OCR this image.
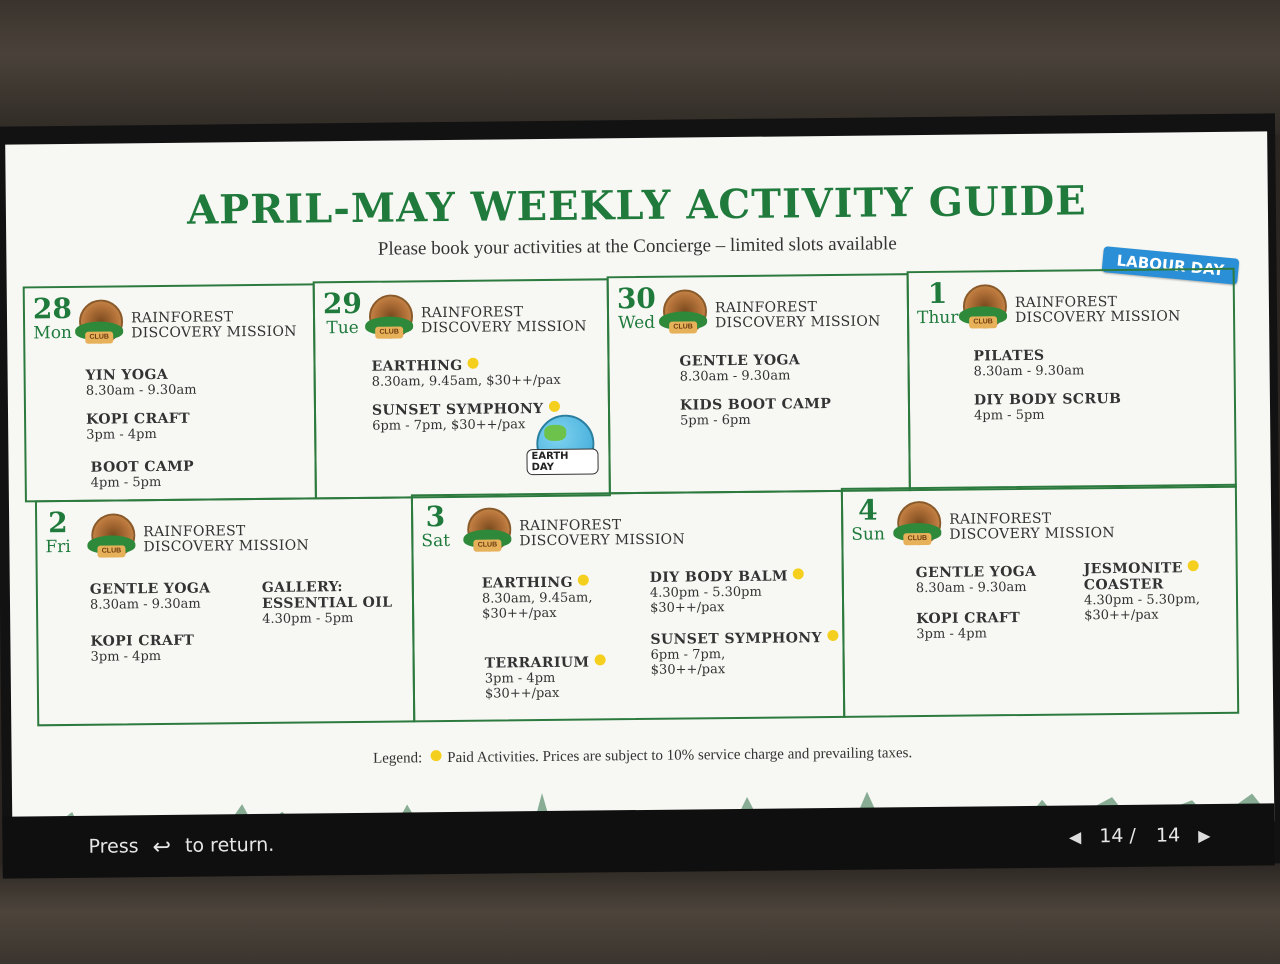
APRIL-MAY WEEKLY ACTIVITY GUIDE
Please book your activities at the Concierge – limited slots available
LABOUR DAY
28
Mon	CLUB
RAINFOREST
DISCOVERY MISSION
YIN YOGA
8.30am - 9.30am
KOPI CRAFT
3pm - 4pm
BOOT CAMP
4pm - 5pm
29
Tue	CLUB
RAINFOREST
DISCOVERY MISSION
EARTHING
8.30am, 9.45am, $30++/pax
SUNSET SYMPHONY
6pm - 7pm, $30++/pax
EARTH DAY
30
Wed	CLUB
RAINFOREST
DISCOVERY MISSION
GENTLE YOGA
8.30am - 9.30am
KIDS BOOT CAMP
5pm - 6pm
1
Thur	CLUB
RAINFOREST
DISCOVERY MISSION
PILATES
8.30am - 9.30am
DIY BODY SCRUB
4pm - 5pm
2
Fri	CLUB
RAINFOREST
DISCOVERY MISSION
GENTLE YOGA
8.30am - 9.30am
GALLERY:
ESSENTIAL OIL
4.30pm - 5pm
KOPI CRAFT
3pm - 4pm
3
Sat	CLUB
RAINFOREST
DISCOVERY MISSION
EARTHING
8.30am, 9.45am,
$30++/pax
DIY BODY BALM
4.30pm - 5.30pm
$30++/pax
SUNSET SYMPHONY
6pm - 7pm,
$30++/pax
TERRARIUM
3pm - 4pm
$30++/pax
4
Sun	CLUB
RAINFOREST
DISCOVERY MISSION
GENTLE YOGA
8.30am - 9.30am
JESMONITE
COASTER
4.30pm - 5.30pm,
$30++/pax
KOPI CRAFT
3pm - 4pm
Legend: Paid Activities. Prices are subject to 10% service charge and prevailing taxes.
Press ↩ to return.	◀ 14 / 14 ▶
